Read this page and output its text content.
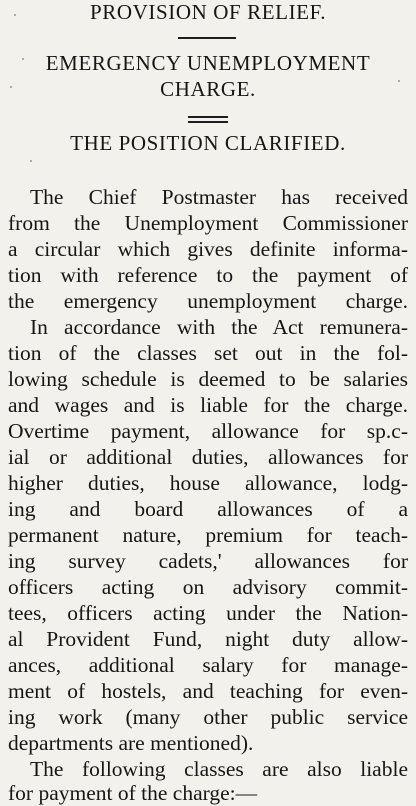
PROVISION OF RELIEF.
EMERGENCY UNEMPLOYMENT
CHARGE.
THE POSITION CLARIFIED.
The Chief Postmaster has received
from the Unemployment Commissioner
a circular which gives definite informa-
tion with reference to the payment of
the emergency unemployment charge.
In accordance with the Act remunera-
tion of the classes set out in the fol-
lowing schedule is deemed to be salaries
and wages and is liable for the charge.
Overtime payment, allowance for sp.c-
ial or additional duties, allowances for
higher duties, house allowance, lodg-
ing and board allowances of a
permanent nature, premium for teach-
ing survey cadets,' allowances for
officers acting on advisory commit-
tees, officers acting under the Nation-
al Provident Fund, night duty allow-
ances, additional salary for manage-
ment of hostels, and teaching for even-
ing work (many other public service
departments are mentioned).
The following classes are also liable
for payment of the charge:—
